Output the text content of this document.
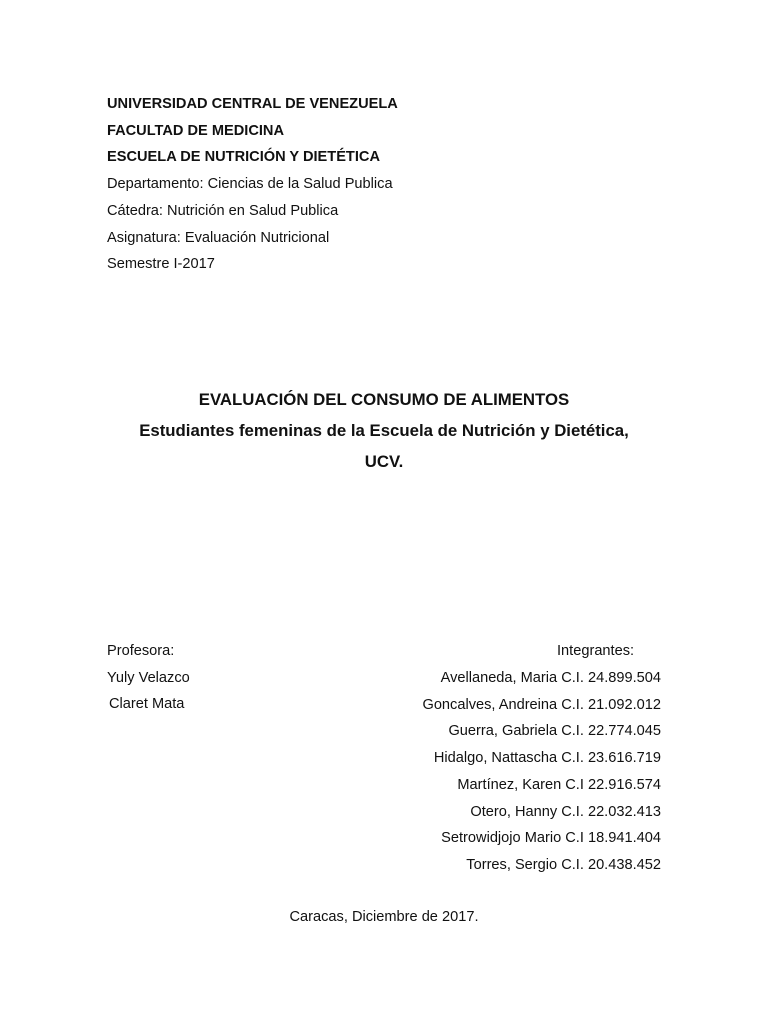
UNIVERSIDAD CENTRAL DE VENEZUELA
FACULTAD DE MEDICINA
ESCUELA DE NUTRICIÓN Y DIETÉTICA
Departamento: Ciencias de la Salud Publica
Cátedra: Nutrición en Salud Publica
Asignatura: Evaluación Nutricional
Semestre I-2017
EVALUACIÓN DEL CONSUMO DE ALIMENTOS
Estudiantes femeninas de la Escuela de Nutrición y Dietética,
UCV.
Profesora:
Yuly Velazco
Claret Mata
Integrantes:
Avellaneda, Maria C.I. 24.899.504
Goncalves, Andreina C.I. 21.092.012
Guerra, Gabriela C.I. 22.774.045
Hidalgo, Nattascha C.I. 23.616.719
Martínez, Karen C.I 22.916.574
Otero, Hanny C.I. 22.032.413
Setrowidjojo Mario C.I 18.941.404
Torres, Sergio C.I. 20.438.452
Caracas, Diciembre de 2017.
